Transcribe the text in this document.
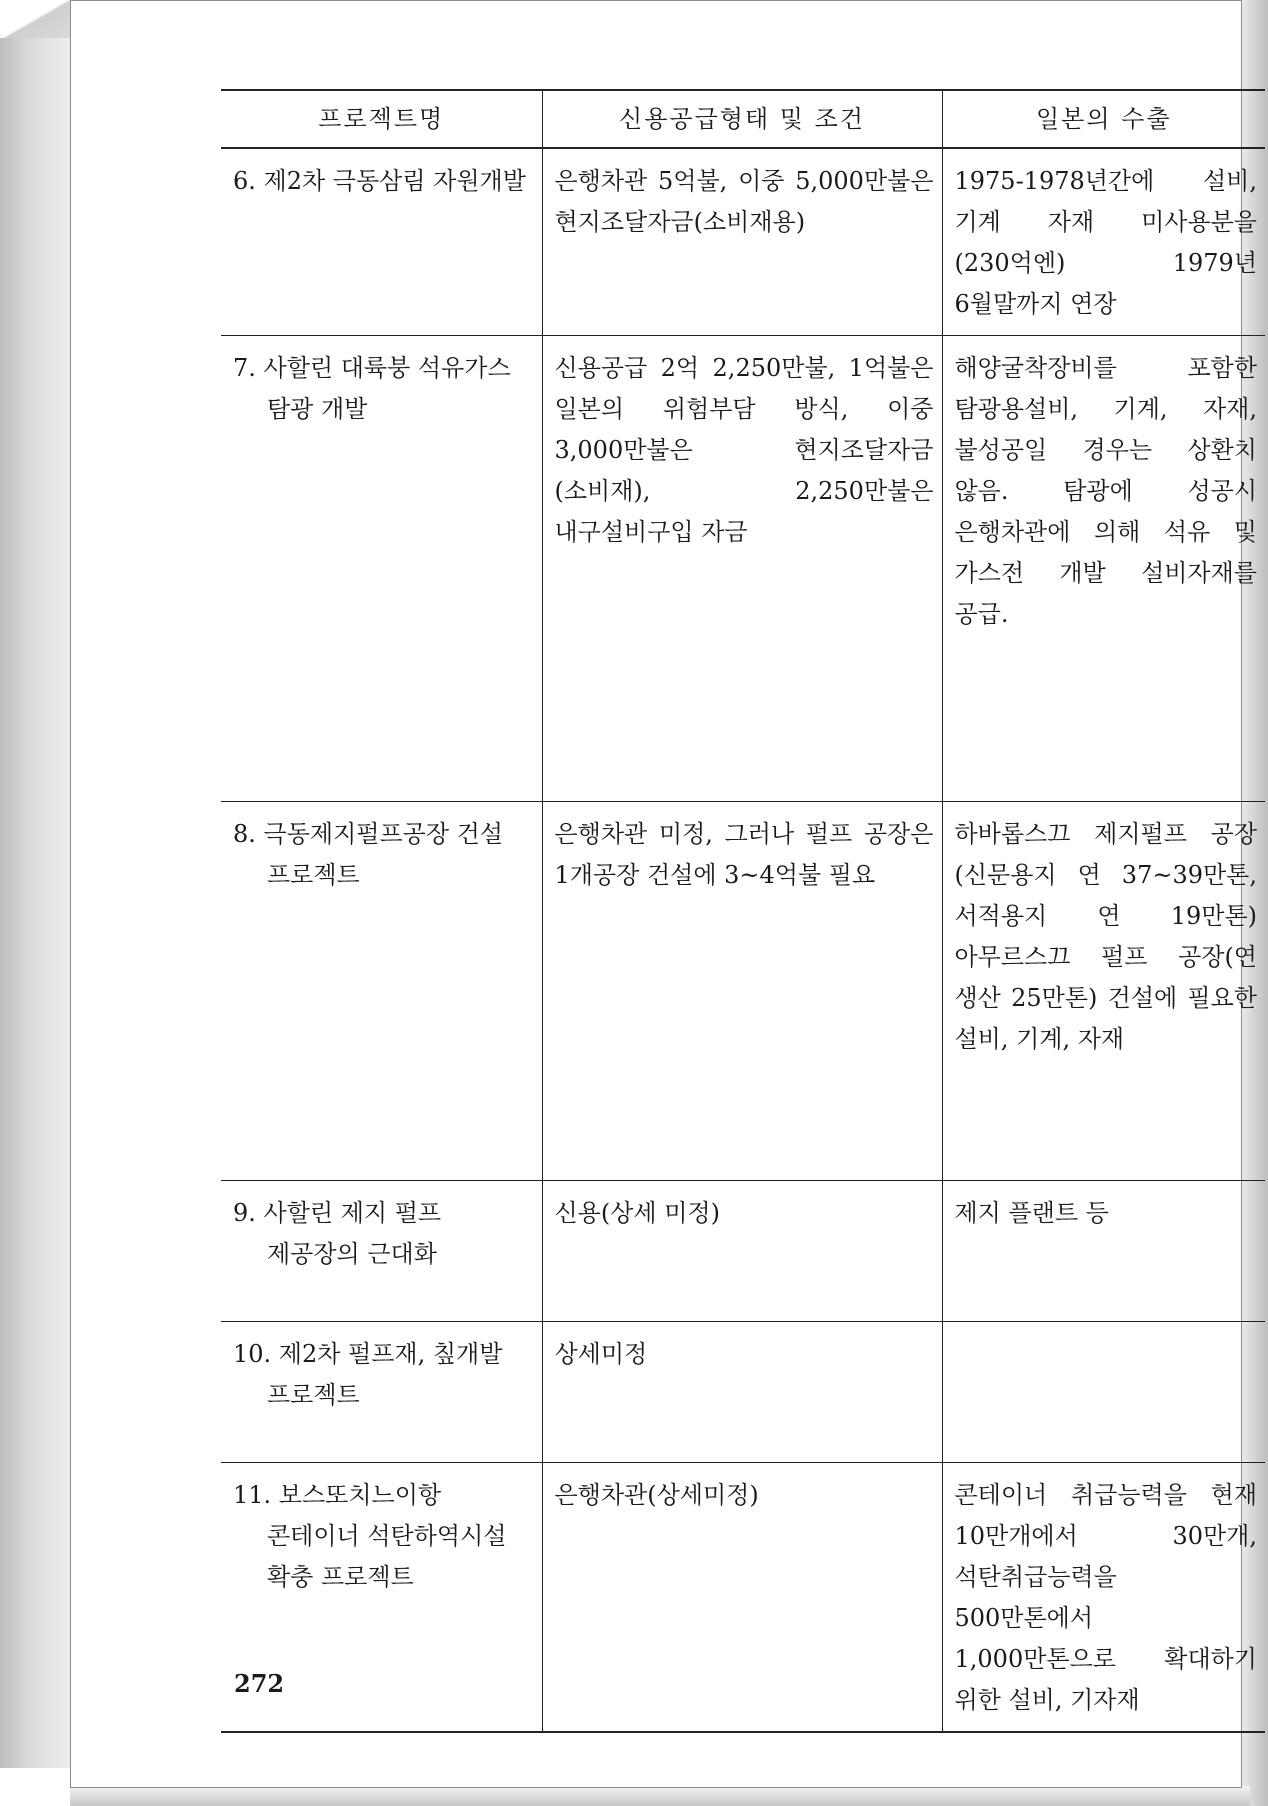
프로젝트명	신용공급형태 및 조건	일본의 수출

6. 제2차 극동삼림 자원개발	은행차관 5억불, 이중 5,000만불은 현지조달자금(소비재용)	1975-1978년간에 설비, 기계 자재 미사용분을(230억엔) 1979년 6월말까지 연장

7. 사할린 대륙붕 석유가스 탐광 개발	신용공급 2억 2,250만불, 1억불은 일본의 위험부담 방식, 이중 3,000만불은 현지조달자금(소비재), 2,250만불은 내구설비구입 자금	해양굴착장비를 포함한 탐광용설비, 기계, 자재, 불성공일 경우는 상환치 않음. 탐광에 성공시 은행차관에 의해 석유 및 가스전 개발 설비자재를 공급.

8. 극동제지펄프공장 건설 프로젝트	은행차관 미정, 그러나 펄프 공장은 1개공장 건설에 3~4억불 필요	하바롭스끄 제지펄프 공장(신문용지 연 37~39만톤, 서적용지 연 19만톤) 아무르스끄 펄프 공장(연 생산 25만톤) 건설에 필요한 설비, 기계, 자재

9. 사할린 제지 펄프 제공장의 근대화	신용(상세 미정)	제지 플랜트 등

10. 제2차 펄프재, 칲개발 프로젝트	상세미정	

11. 보스또치느이항 콘테이너 석탄하역시설 확충 프로젝트	은행차관(상세미정)	콘테이너 취급능력을 현재 10만개에서 30만개, 석탄취급능력을 500만톤에서 1,000만톤으로 확대하기 위한 설비, 기자재
272
